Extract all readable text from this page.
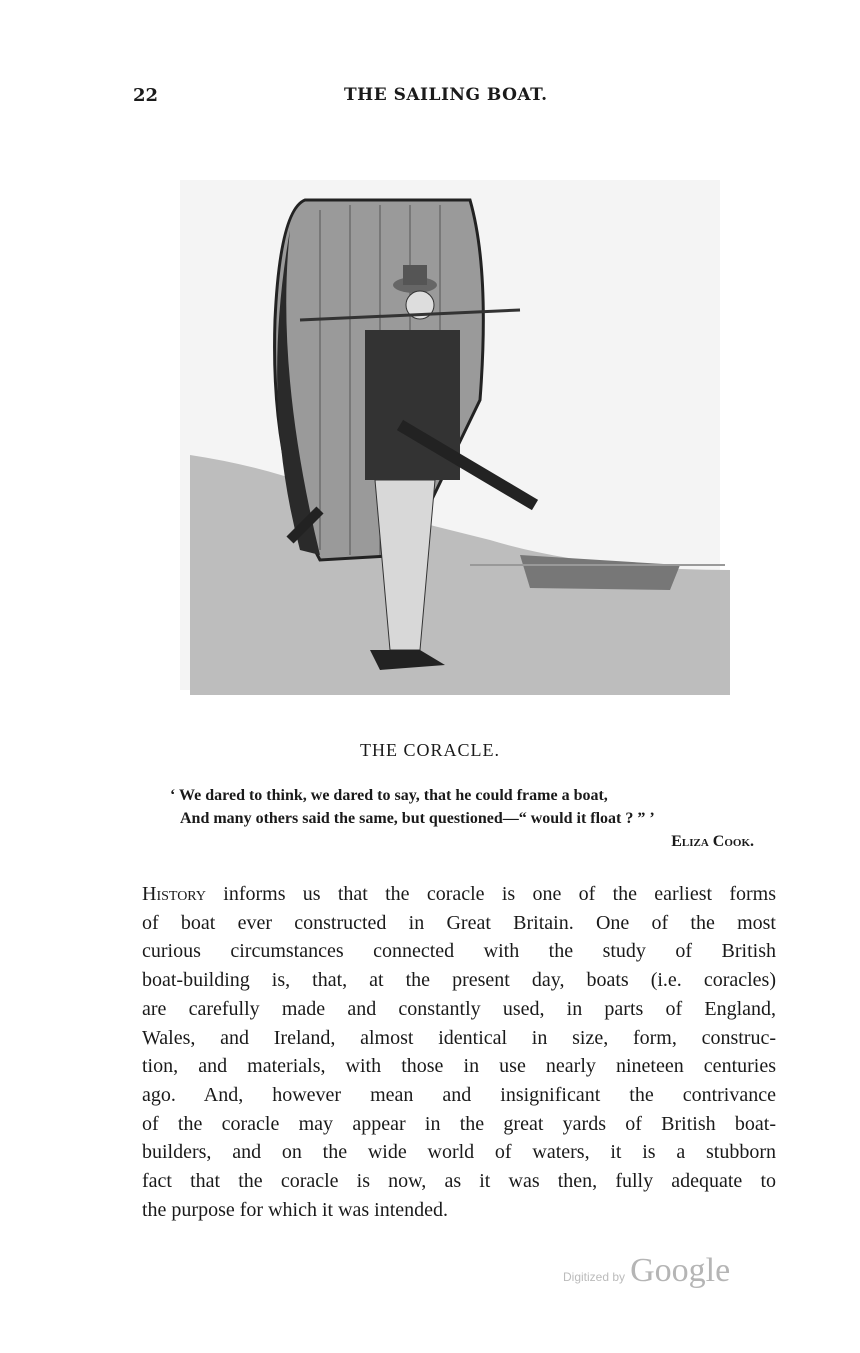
22	THE SAILING BOAT.
THE CORACLE.
‘ We dared to think, we dared to say, that he could frame a boat,
And many others said the same, but questioned—“ would it float ? ” ’
Eliza Cook.
History informs us that the coracle is one of the earliest forms
of boat ever constructed in Great Britain. One of the most
curious circumstances connected with the study of British
boat-building is, that, at the present day, boats (i.e. coracles)
are carefully made and constantly used, in parts of England,
Wales, and Ireland, almost identical in size, form, construc-
tion, and materials, with those in use nearly nineteen centuries
ago. And, however mean and insignificant the contrivance
of the coracle may appear in the great yards of British boat-
builders, and on the wide world of waters, it is a stubborn
fact that the coracle is now, as it was then, fully adequate to
the purpose for which it was intended.
Digitized by Google
